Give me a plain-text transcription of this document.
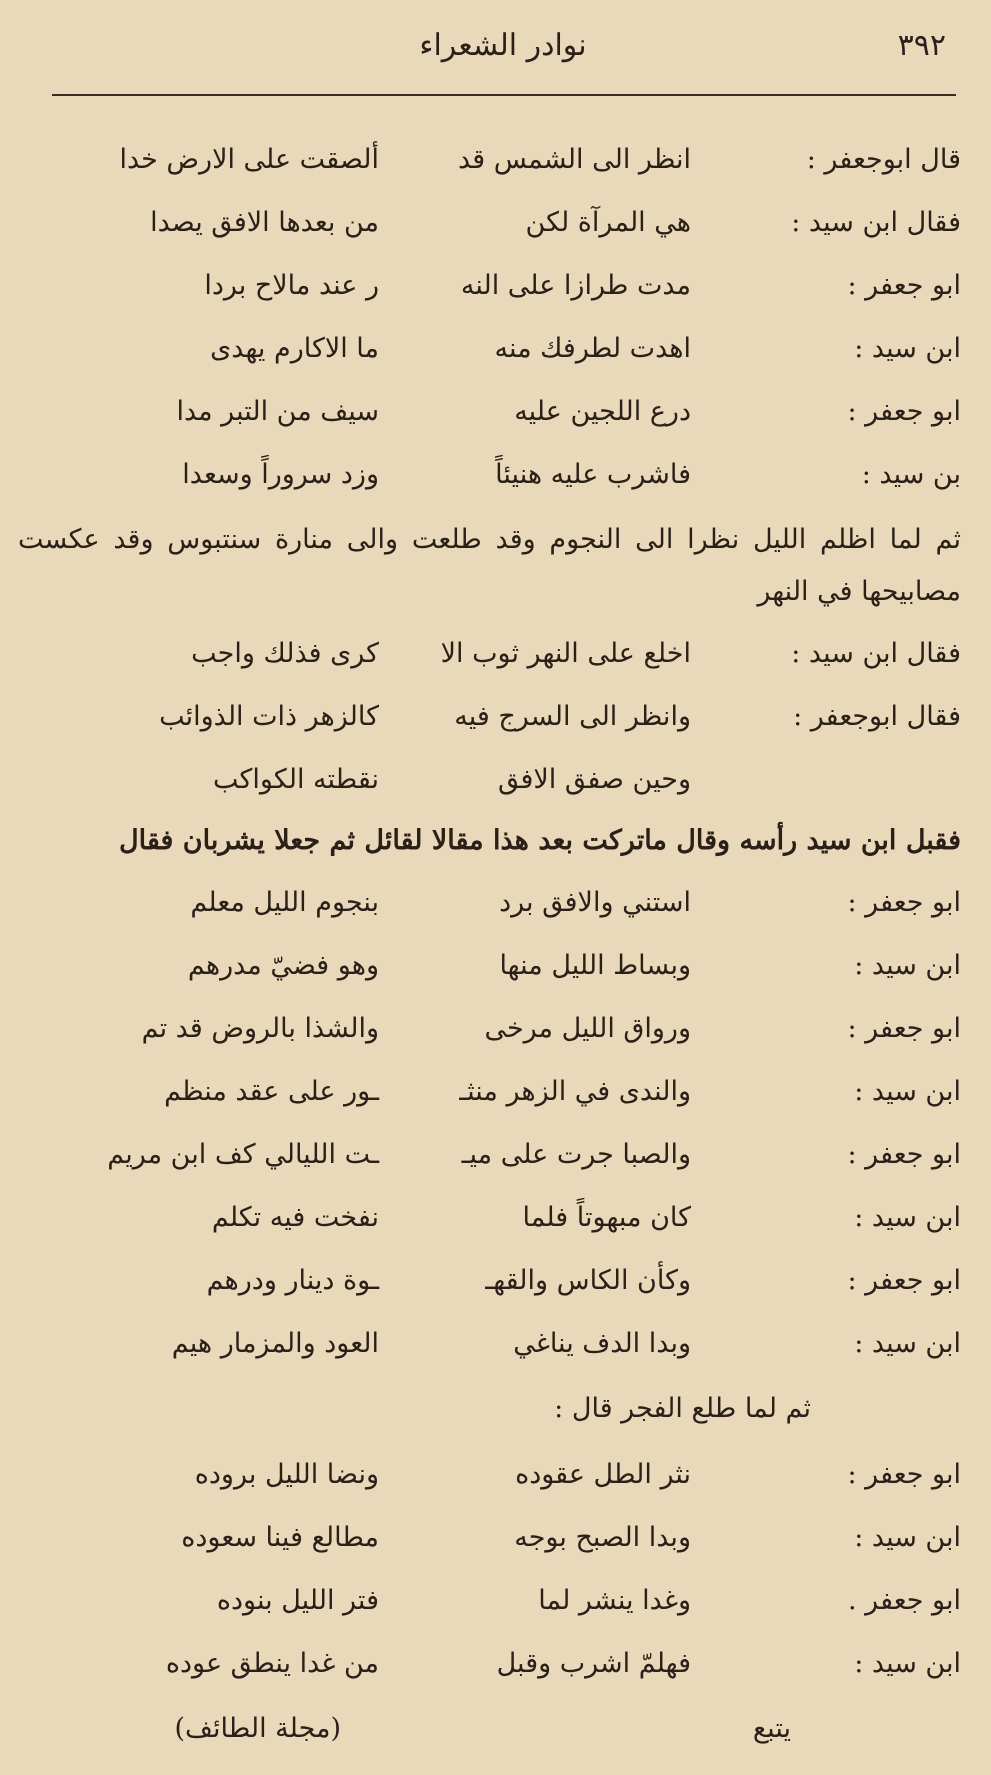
٣٩٢
نوادر الشعراء
قال ابوجعفر :
انظر الى الشمس قد
ألصقت على الارض خدا
فقال ابن سيد :
هي المرآة لكن
من بعدها الافق يصدا
ابو جعفر :
مدت طرازا على النه
ر عند مالاح بردا
ابن سيد :
اهدت لطرفك منه
ما الاكارم يهدى
ابو جعفر :
درع اللجين عليه
سيف من التبر مدا
بن سيد :
فاشرب عليه هنيئاً
وزد سروراً وسعدا
ثم لما اظلم الليل نظرا الى النجوم وقد طلعت والى منارة سنتبوس وقد عكست مصابيحها في النهر
فقال ابن سيد :
اخلع على النهر ثوب الا
كرى فذلك واجب
فقال ابوجعفر :
وانظر الى السرج فيه
كالزهر ذات الذوائب
وحين صفق الافق
نقطته الكواكب
فقبل ابن سيد رأسه وقال ماتركت بعد هذا مقالا لقائل ثم جعلا يشربان فقال
ابو جعفر :
استني والافق برد
بنجوم الليل معلم
ابن سيد :
وبساط الليل منها
وهو فضيّ مدرهم
ابو جعفر :
ورواق الليل مرخى
والشذا بالروض قد تم
ابن سيد :
والندى في الزهر منثـ
ـور على عقد منظم
ابو جعفر :
والصبا جرت على ميـ
ـت الليالي كف ابن مريم
ابن سيد :
كان مبهوتاً فلما
نفخت فيه تكلم
ابو جعفر :
وكأن الكاس والقهـ
ـوة دينار ودرهم
ابن سيد :
وبدا الدف يناغي
العود والمزمار هيم
ثم لما طلع الفجر قال :
ابو جعفر :
نثر الطل عقوده
ونضا الليل بروده
ابن سيد :
وبدا الصبح بوجه
مطالع فينا سعوده
ابو جعفر .
وغدا ينشر لما
فتر الليل بنوده
ابن سيد :
فهلمّ اشرب وقبل
من غدا ينطق عوده
يتبع
(مجلة الطائف)
